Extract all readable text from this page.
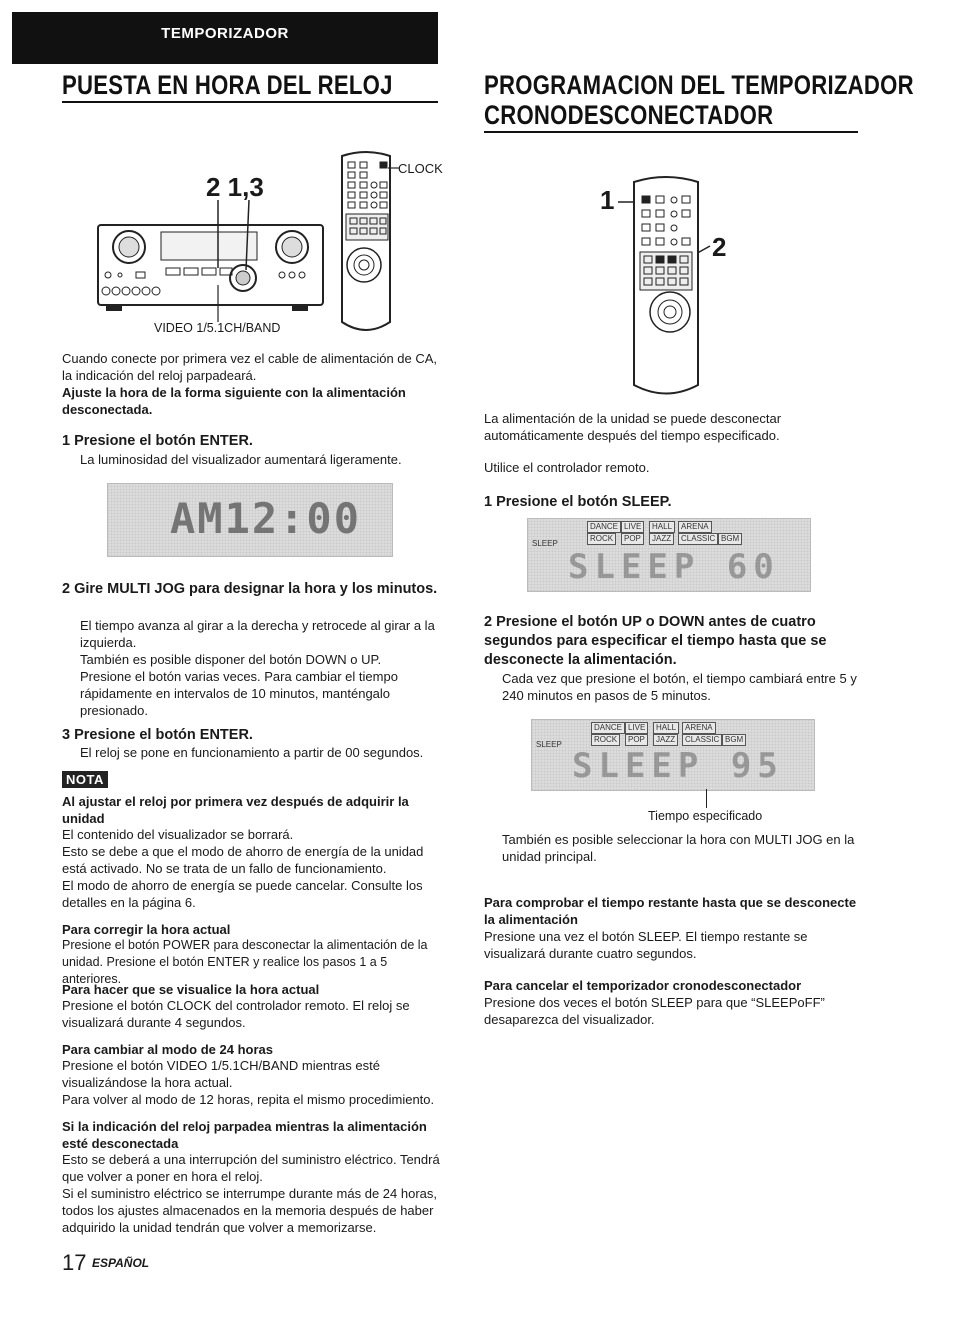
TEMPORIZADOR
PUESTA EN HORA DEL RELOJ
2 1,3
CLOCK
VIDEO 1/5.1CH/BAND
Cuando conecte por primera vez el cable de alimentación de CA, la indicación del reloj parpadeará.
Ajuste la hora de la forma siguiente con la alimentación desconectada.
1 Presione el botón ENTER.
La luminosidad del visualizador aumentará ligeramente.
AM12:00
2 Gire MULTI JOG para designar la hora y los minutos.
El tiempo avanza al girar a la derecha y retrocede al girar a la izquierda.
También es posible disponer del botón DOWN o UP.
Presione el botón varias veces. Para cambiar el tiempo rápidamente en intervalos de 10 minutos, manténgalo presionado.
3 Presione el botón ENTER.
El reloj se pone en funcionamiento a partir de 00 segundos.
NOTA
Al ajustar el reloj por primera vez después de adquirir la unidad
El contenido del visualizador se borrará.
Esto se debe a que el modo de ahorro de energía de la unidad está activado. No se trata de un fallo de funcionamiento.
El modo de ahorro de energía se puede cancelar. Consulte los detalles en la página 6.
Para corregir la hora actual
Presione el botón POWER para desconectar la alimentación de la unidad. Presione el botón ENTER y realice los pasos 1 a 5 anteriores.
Para hacer que se visualice la hora actual
Presione el botón CLOCK del controlador remoto. El reloj se visualizará durante 4 segundos.
Para cambiar al modo de 24 horas
Presione el botón VIDEO 1/5.1CH/BAND mientras esté visualizándose la hora actual.
Para volver al modo de 12 horas, repita el mismo procedimiento.
Si la indicación del reloj parpadea mientras la alimentación esté desconectada
Esto se deberá a una interrupción del suministro eléctrico. Tendrá que volver a poner en hora el reloj.
Si el suministro eléctrico se interrumpe durante más de 24 horas, todos los ajustes almacenados en la memoria después de haber adquirido la unidad tendrán que volver a memorizarse.
17 ESPAÑOL
PROGRAMACION DEL TEMPORIZADOR
CRONODESCONECTADOR
1
2
La alimentación de la unidad se puede desconectar automáticamente después del tiempo especificado.
Utilice el controlador remoto.
1 Presione el botón SLEEP.
DANCE LIVE	HALL	ARENA
ROCK	POP	JAZZ	CLASSIC BGM
SLEEP
SLEEP 60
2 Presione el botón UP o DOWN antes de cuatro segundos para especificar el tiempo hasta que se desconecte la alimentación.
Cada vez que presione el botón, el tiempo cambiará entre 5 y 240 minutos en pasos de 5 minutos.
DANCE LIVE	HALL	ARENA
ROCK	POP	JAZZ	CLASSIC BGM
SLEEP
SLEEP 95
Tiempo especificado
También es posible seleccionar la hora con MULTI JOG en la unidad principal.
Para comprobar el tiempo restante hasta que se desconecte la alimentación
Presione una vez el botón SLEEP. El tiempo restante se visualizará durante cuatro segundos.
Para cancelar el temporizador cronodesconectador
Presione dos veces el botón SLEEP para que “SLEEPoFF” desaparezca del visualizador.
